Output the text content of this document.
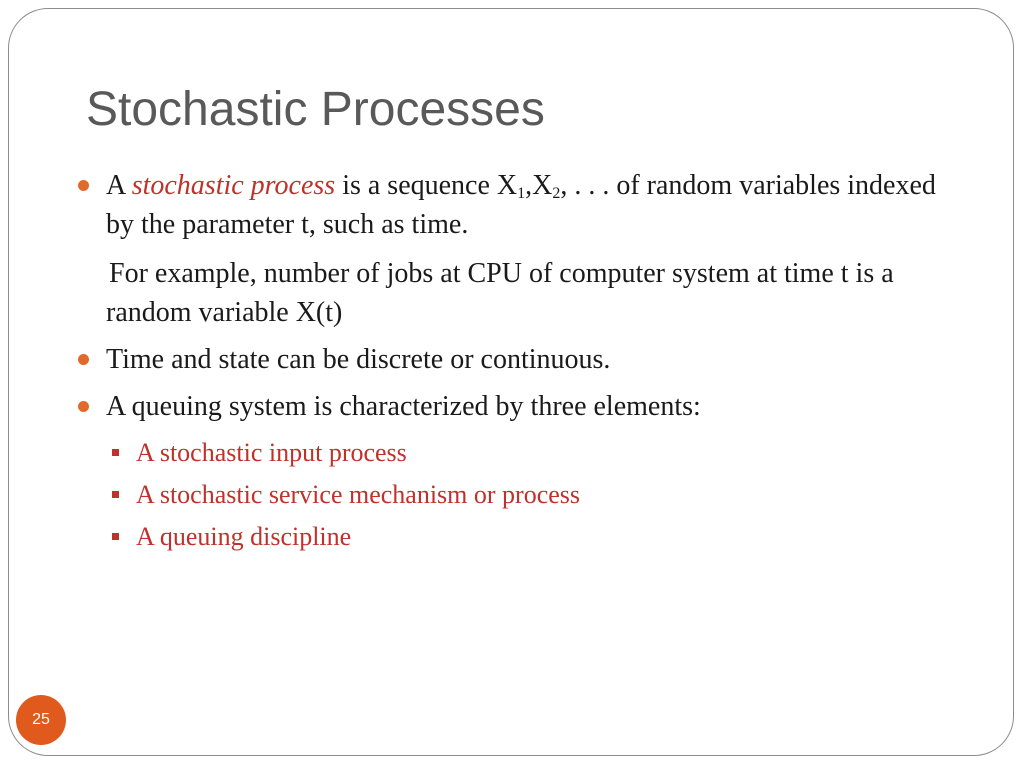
Stochastic Processes
A stochastic process is a sequence $X_1,X_2$, . . . of random variables indexed by the parameter t, such as time.
For example, number of jobs at CPU of computer system at time t is a random variable X(t)
Time and state can be discrete or continuous.
A queuing system is characterized by three elements:
A stochastic input process
A stochastic service mechanism or process
A queuing discipline
25
